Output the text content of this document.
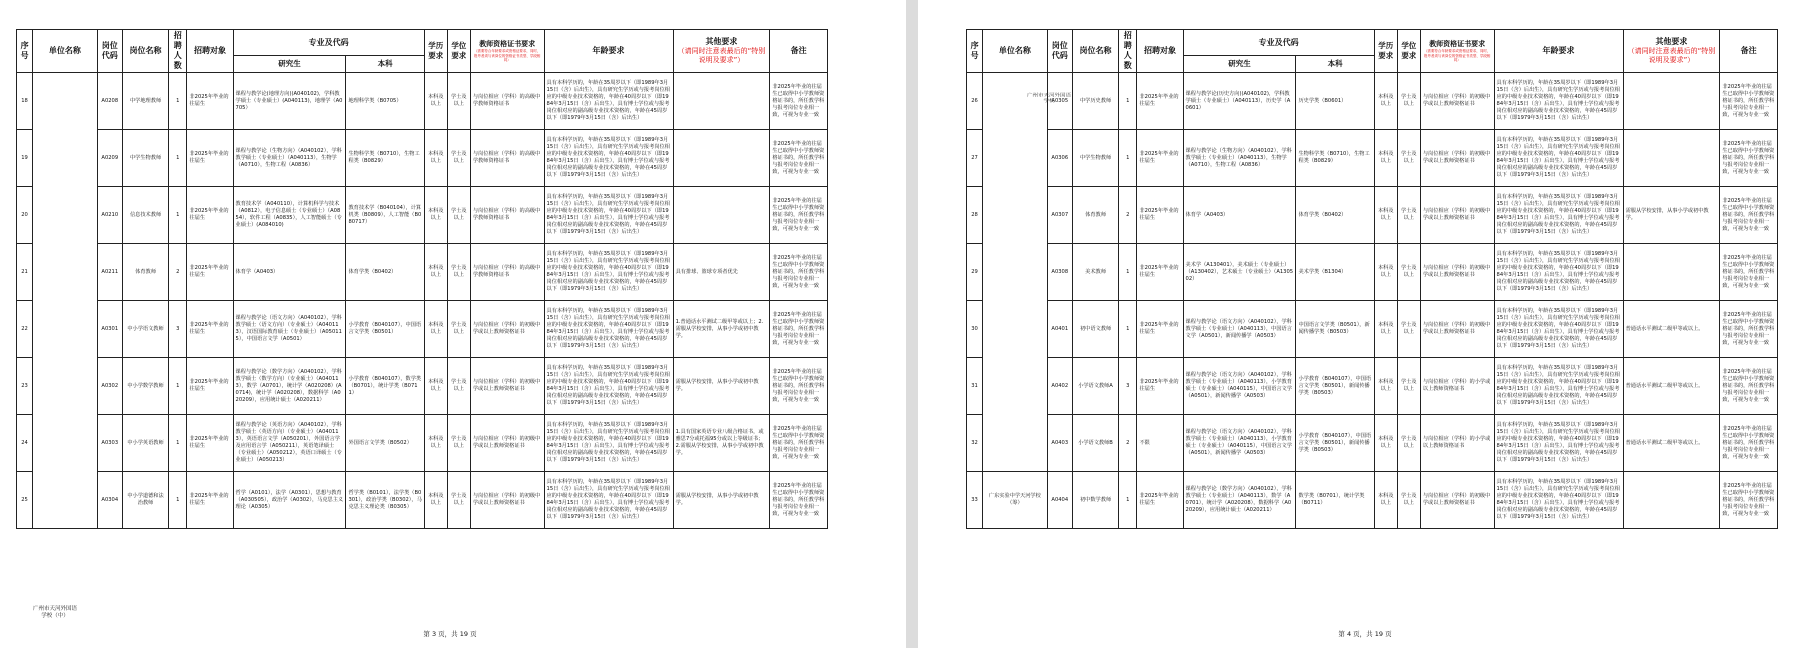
序号	单位名称	岗位代码	岗位名称	招聘人数	招聘对象	专业及代码		学历要求	学位要求	教师资格证书要求
（需要符合年龄要求或资格证要求，同时，报考者须与该岗位的资格证书类型、学段相同）	年龄要求	其他要求
（请同时注意表最后的“特别说明及要求”）	备注
						研究生	本科						
18		A0208	中学地理教师	1	非2025年毕业的往届生	课程与教学论(地理方向)(A040102)，学科教学硕士（专业硕士）(A040113)，地理学（A0705）	地理科学类（B0705）	本科及以上	学士及以上	与岗位相应（学科）的高级中学教师资格证书	具有本科学历的，年龄在35周岁以下（即1989年3月15日（含）后出生），具有研究生学历或与报考岗位相应的中级专业技术资格的，年龄在40周岁以下（即1984年3月15日（含）后出生），具有博士学位或与报考岗位相对应的副高级专业技术资格的，年龄在45周岁以下（即1979年3月15日（含）后出生）		非2025年毕业的往届生已取得中小学教师资格证书的，所任教学科与报考岗位专业相一致，可视为专业一致
19		A0209	中学生物教师	1	非2025年毕业的往届生	课程与教学论（生物方向）（A040102），学科教学硕士（专业硕士）（A040113），生物学（A0710），生物工程（A0836）	生物科学类（B0710），生物工程类（B0829）	本科及以上	学士及以上	与岗位相应（学科）的高级中学教师资格证书	具有本科学历的，年龄在35周岁以下（即1989年3月15日（含）后出生），具有研究生学历或与报考岗位相应的中级专业技术资格的，年龄在40周岁以下（即1984年3月15日（含）后出生），具有博士学位或与报考岗位相对应的副高级专业技术资格的，年龄在45周岁以下（即1979年3月15日（含）后出生）		非2025年毕业的往届生已取得中小学教师资格证书的，所任教学科与报考岗位专业相一致，可视为专业一致
20		A0210	信息技术教师	1	非2025年毕业的往届生	教育技术学（A040110），计算机科学与技术（A0812），电子信息硕士（专业硕士）（A0854），软件工程（A0835），人工智能硕士（专业硕士）(A084010)	教育技术学（B040104），计算机类（B0809），人工智能（B080717）	本科及以上	学士及以上	与岗位相应（学科）的高级中学教师资格证书	具有本科学历的，年龄在35周岁以下（即1989年3月15日（含）后出生），具有研究生学历或与报考岗位相应的中级专业技术资格的，年龄在40周岁以下（即1984年3月15日（含）后出生），具有博士学位或与报考岗位相对应的副高级专业技术资格的，年龄在45周岁以下（即1979年3月15日（含）后出生）		非2025年毕业的往届生已取得中小学教师资格证书的，所任教学科与报考岗位专业相一致，可视为专业一致
21		A0211	体育教师	2	非2025年毕业的往届生	体育学（A0403）	体育学类（B0402）	本科及以上	学士及以上	与岗位相应（学科）的高级中学教师资格证书	具有本科学历的，年龄在35周岁以下（即1989年3月15日（含）后出生），具有研究生学历或与报考岗位相应的中级专业技术资格的，年龄在40周岁以下（即1984年3月15日（含）后出生），具有博士学位或与报考岗位相对应的副高级专业技术资格的，年龄在45周岁以下（即1979年3月15日（含）后出生）	具有排球、篮球专项者优先	非2025年毕业的往届生已取得中小学教师资格证书的，所任教学科与报考岗位专业相一致，可视为专业一致
22		A0301	中小学语文教师	3	非2025年毕业的往届生	课程与教学论（语文方向）（A040102），学科教学硕士（语文方向）（专业硕士）（A040113），汉语国际教育硕士（专业硕士）（A050115），中国语言文学（A0501）	小学教育（B040107），中国语言文学类（B0501）	本科及以上	学士及以上	与岗位相应（学科）的初级中学或以上教师资格证书	具有本科学历的，年龄在35周岁以下（即1989年3月15日（含）后出生），具有研究生学历或与报考岗位相应的中级专业技术资格的，年龄在40周岁以下（即1984年3月15日（含）后出生），具有博士学位或与报考岗位相对应的副高级专业技术资格的，年龄在45周岁以下（即1979年3月15日（含）后出生）	1.普通话水平测试二级甲等或以上；2.需服从学校安排，从事小学或初中教学。	非2025年毕业的往届生已取得中小学教师资格证书的，所任教学科与报考岗位专业相一致，可视为专业一致
23		A0302	中小学数学教师	1	非2025年毕业的往届生	课程与教学论（数学方向）（A040102），学科教学硕士（数学方向）（专业硕士）（A040113），数学（A0701），统计学（A020208）(A0714)，统计学（A020208），数据科学（A020209），应用统计硕士（A020211）	小学教育（B040107），数学类（B0701），统计学类（B0711）	本科及以上	学士及以上	与岗位相应（学科）的初级中学或以上教师资格证书	具有本科学历的，年龄在35周岁以下（即1989年3月15日（含）后出生），具有研究生学历或与报考岗位相应的中级专业技术资格的，年龄在40周岁以下（即1984年3月15日（含）后出生），具有博士学位或与报考岗位相对应的副高级专业技术资格的，年龄在45周岁以下（即1979年3月15日（含）后出生）	需服从学校安排，从事小学或初中教学。	非2025年毕业的往届生已取得中小学教师资格证书的，所任教学科与报考岗位专业相一致，可视为专业一致
24		A0303	中小学英语教师	1	非2025年毕业的往届生	课程与教学论（英语方向）（A040102），学科教学硕士（英语方向）（专业硕士）（A040113），英语语言文学（A050201），外国语言学及应用语言学（A050211），英语笔译硕士（专业硕士）（A050212），英语口译硕士（专业硕士）（A050213）	外国语言文学类（B0502）	本科及以上	学士及以上	与岗位相应（学科）的初级中学或以上教师资格证书	具有本科学历的，年龄在35周岁以下（即1989年3月15日（含）后出生），具有研究生学历或与报考岗位相应的中级专业技术资格的，年龄在40周岁以下（即1984年3月15日（含）后出生），具有博士学位或与报考岗位相对应的副高级专业技术资格的，年龄在45周岁以下（即1979年3月15日（含）后出生）	1.具有国家英语专业八级合格证书，或雅思7分或托福95分或以上等级证书；2.需服从学校安排，从事小学或初中教学。	非2025年毕业的往届生已取得中小学教师资格证书的，所任教学科与报考岗位专业相一致，可视为专业一致
25		A0304	中小学道德和法治教师	1	非2025年毕业的往届生	哲学（A0101），法学（A0301），思想与教育（A030505），政治学（A0302），马克思主义理论（A0305）	哲学类（B0101），法学类（B0301），政治学类（B0302），马克思主义理论类（B0305）	本科及以上	学士及以上	与岗位相应（学科）的初级中学或以上教师资格证书	具有本科学历的，年龄在35周岁以下（即1989年3月15日（含）后出生），具有研究生学历或与报考岗位相应的中级专业技术资格的，年龄在40周岁以下（即1984年3月15日（含）后出生），具有博士学位或与报考岗位相对应的副高级专业技术资格的，年龄在45周岁以下（即1979年3月15日（含）后出生）	需服从学校安排，从事小学或初中教学。	非2025年毕业的往届生已取得中小学教师资格证书的，所任教学科与报考岗位专业相一致，可视为专业一致
广州市天河外国语学校（中）
第 3 页，共 19 页
序号	单位名称	岗位代码	岗位名称	招聘人数	招聘对象	专业及代码		学历要求	学位要求	教师资格证书要求
（需要符合年龄要求或资格证要求，同时，报考者须与该岗位的资格证书类型、学段相同）	年龄要求	其他要求
（请同时注意表最后的“特别说明及要求”）	备注
						研究生	本科						
26		A0305	中学历史教师	1	非2025年毕业的往届生	课程与教学论(历史方向)(A040102)，学科教学硕士（专业硕士）（A040113），历史学（A0601）	历史学类（B0601）	本科及以上	学士及以上	与岗位相应（学科）的初级中学或以上教师资格证书	具有本科学历的，年龄在35周岁以下（即1989年3月15日（含）后出生），具有研究生学历或与报考岗位相应的中级专业技术资格的，年龄在40周岁以下（即1984年3月15日（含）后出生），具有博士学位或与报考岗位相对应的副高级专业技术资格的，年龄在45周岁以下（即1979年3月15日（含）后出生）		非2025年毕业的往届生已取得中小学教师资格证书的，所任教学科与报考岗位专业相一致，可视为专业一致
27		A0306	中学生物教师	1	非2025年毕业的往届生	课程与教学论（生物方向）（A040102），学科教学硕士（专业硕士）（A040113），生物学（A0710），生物工程（A0836）	生物科学类（B0710），生物工程类（B0829）	本科及以上	学士及以上	与岗位相应（学科）的初级中学或以上教师资格证书	具有本科学历的，年龄在35周岁以下（即1989年3月15日（含）后出生），具有研究生学历或与报考岗位相应的中级专业技术资格的，年龄在40周岁以下（即1984年3月15日（含）后出生），具有博士学位或与报考岗位相对应的副高级专业技术资格的，年龄在45周岁以下（即1979年3月15日（含）后出生）		非2025年毕业的往届生已取得中小学教师资格证书的，所任教学科与报考岗位专业相一致，可视为专业一致
28		A0307	体育教师	2	非2025年毕业的往届生	体育学（A0403）	体育学类（B0402）	本科及以上	学士及以上	与岗位相应（学科）的初级中学或以上教师资格证书	具有本科学历的，年龄在35周岁以下（即1989年3月15日（含）后出生），具有研究生学历或与报考岗位相应的中级专业技术资格的，年龄在40周岁以下（即1984年3月15日（含）后出生），具有博士学位或与报考岗位相对应的副高级专业技术资格的，年龄在45周岁以下（即1979年3月15日（含）后出生）	需服从学校安排，从事小学或初中教学。	非2025年毕业的往届生已取得中小学教师资格证书的，所任教学科与报考岗位专业相一致，可视为专业一致
29		A0308	美术教师	1	非2025年毕业的往届生	美术学（A130401），美术硕士（专业硕士）（A130402），艺术硕士（专业硕士）（A130502）	美术学类（B1304）	本科及以上	学士及以上	与岗位相应（学科）的初级中学或以上教师资格证书	具有本科学历的，年龄在35周岁以下（即1989年3月15日（含）后出生），具有研究生学历或与报考岗位相应的中级专业技术资格的，年龄在40周岁以下（即1984年3月15日（含）后出生），具有博士学位或与报考岗位相对应的副高级专业技术资格的，年龄在45周岁以下（即1979年3月15日（含）后出生）		非2025年毕业的往届生已取得中小学教师资格证书的，所任教学科与报考岗位专业相一致，可视为专业一致
30		A0401	初中语文教师	1	非2025年毕业的往届生	课程与教学论（语文方向）（A040102），学科教学硕士（专业硕士）（A040113），中国语言文学（A0501），新闻传播学（A0503）	中国语言文学类（B0501），新闻传播学类（B0503）	本科及以上	学士及以上	与岗位相应（学科）的初级中学或以上教师资格证书	具有本科学历的，年龄在35周岁以下（即1989年3月15日（含）后出生），具有研究生学历或与报考岗位相应的中级专业技术资格的，年龄在40周岁以下（即1984年3月15日（含）后出生），具有博士学位或与报考岗位相对应的副高级专业技术资格的，年龄在45周岁以下（即1979年3月15日（含）后出生）	普通话水平测试二级甲等或以上。	非2025年毕业的往届生已取得中小学教师资格证书的，所任教学科与报考岗位专业相一致，可视为专业一致
31		A0402	小学语文教师A	3	非2025年毕业的往届生	课程与教学论（语文方向）（A040102），学科教学硕士（专业硕士）（A040113），小学教育硕士（专业硕士）（A040115），中国语言文学（A0501），新闻传播学（A0503）	小学教育（B040107），中国语言文学类（B0501），新闻传播学类（B0503）	本科及以上	学士及以上	与岗位相应（学科）的小学或以上教师资格证书	具有本科学历的，年龄在35周岁以下（即1989年3月15日（含）后出生），具有研究生学历或与报考岗位相应的中级专业技术资格的，年龄在40周岁以下（即1984年3月15日（含）后出生），具有博士学位或与报考岗位相对应的副高级专业技术资格的，年龄在45周岁以下（即1979年3月15日（含）后出生）	普通话水平测试二级甲等或以上。	非2025年毕业的往届生已取得中小学教师资格证书的，所任教学科与报考岗位专业相一致，可视为专业一致
32		A0403	小学语文教师B	2	不限	课程与教学论（语文方向）（A040102），学科教学硕士（专业硕士）（A040113），小学教育硕士（专业硕士）（A040115），中国语言文学（A0501），新闻传播学（A0503）	小学教育（B040107），中国语言文学类（B0501），新闻传播学类（B0503）	本科及以上	学士及以上	与岗位相应（学科）的小学或以上教师资格证书	具有本科学历的，年龄在35周岁以下（即1989年3月15日（含）后出生），具有研究生学历或与报考岗位相应的中级专业技术资格的，年龄在40周岁以下（即1984年3月15日（含）后出生），具有博士学位或与报考岗位相对应的副高级专业技术资格的，年龄在45周岁以下（即1979年3月15日（含）后出生）	普通话水平测试二级甲等或以上。	非2025年毕业的往届生已取得中小学教师资格证书的，所任教学科与报考岗位专业相一致，可视为专业一致
33	广东实验中学天河学校（筹）	A0404	初中数学教师	1	非2025年毕业的往届生	课程与教学论（数学方向）（A040102），学科教学硕士（专业硕士）（A040113），数学（A0701），统计学（A020208），数据科学（A020209），应用统计硕士（A020211）	数学类（B0701），统计学类（B0711）	本科及以上	学士及以上	与岗位相应（学科）的初级中学或以上教师资格证书	具有本科学历的，年龄在35周岁以下（即1989年3月15日（含）后出生），具有研究生学历或与报考岗位相应的中级专业技术资格的，年龄在40周岁以下（即1984年3月15日（含）后出生），具有博士学位或与报考岗位相对应的副高级专业技术资格的，年龄在45周岁以下（即1979年3月15日（含）后出生）		非2025年毕业的往届生已取得中小学教师资格证书的，所任教学科与报考岗位专业相一致，可视为专业一致
广州市天河外国语学校
第 4 页，共 19 页
